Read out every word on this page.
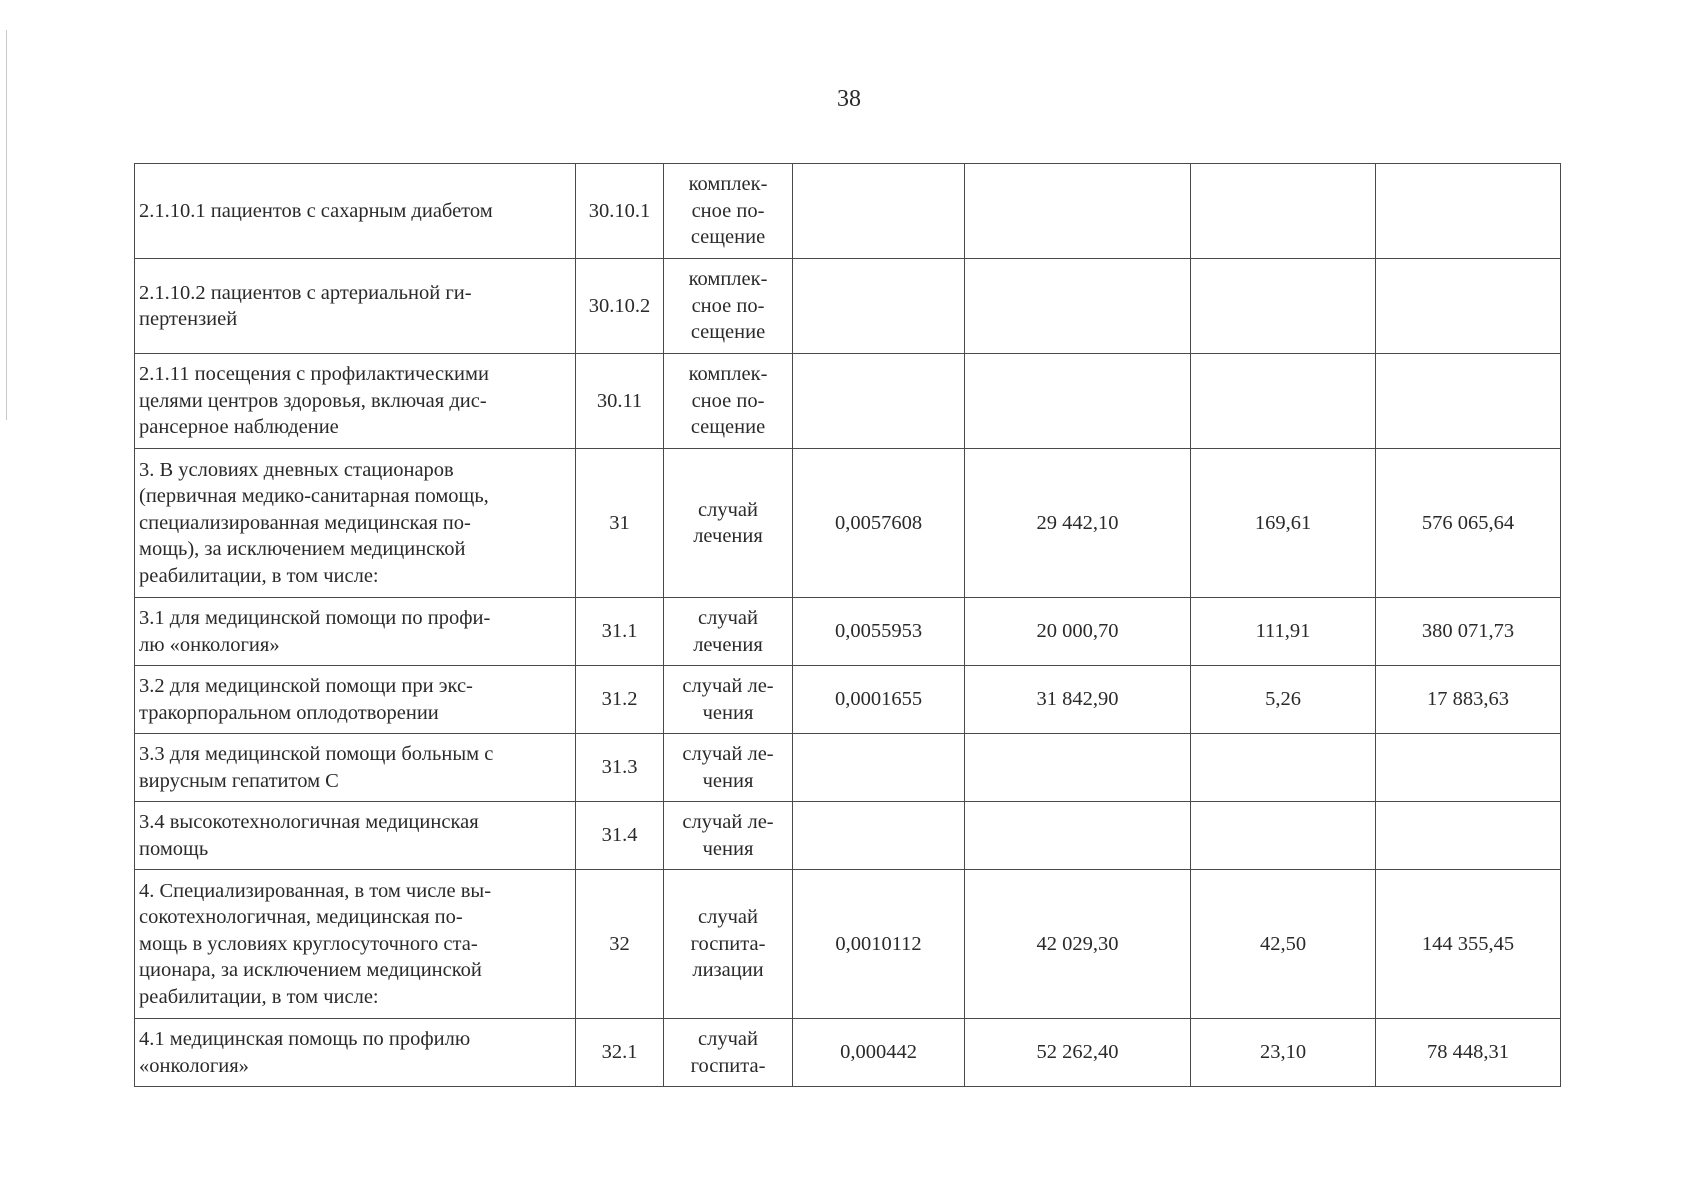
38
2.1.10.1 пациентов с сахарным диабетом	30.10.1	комплек-
сное по-
сещение				

2.1.10.2 пациентов с артериальной ги-
пертензией	30.10.2	комплек-
сное по-
сещение				

2.1.11 посещения с профилактическими
целями центров здоровья, включая дис-
pансерное наблюдение	30.11	комплек-
сное по-
сещение				

3. В условиях дневных стационаров
(первичная медико-санитарная помощь,
специализированная медицинская по-
мощь), за исключением медицинской
реабилитации, в том числе:	31	случай
лечения	0,0057608	29 442,10	169,61	576 065,64

3.1 для медицинской помощи по профи-
лю «онкология»	31.1	случай
лечения	0,0055953	20 000,70	111,91	380 071,73

3.2 для медицинской помощи при экс-
тракорпоральном оплодотворении	31.2	случай ле-
чения	0,0001655	31 842,90	5,26	17 883,63

3.3 для медицинской помощи больным с
вирусным гепатитом С	31.3	случай ле-
чения				

3.4 высокотехнологичная медицинская
помощь	31.4	случай ле-
чения				

4. Специализированная, в том числе вы-
сокотехнологичная, медицинская по-
мощь в условиях круглосуточного ста-
ционара, за исключением медицинской
реабилитации, в том числе:	32	случай
госпита-
лизации	0,0010112	42 029,30	42,50	144 355,45

4.1 медицинская помощь по профилю
«онкология»	32.1	случай
госпита-	0,000442	52 262,40	23,10	78 448,31
